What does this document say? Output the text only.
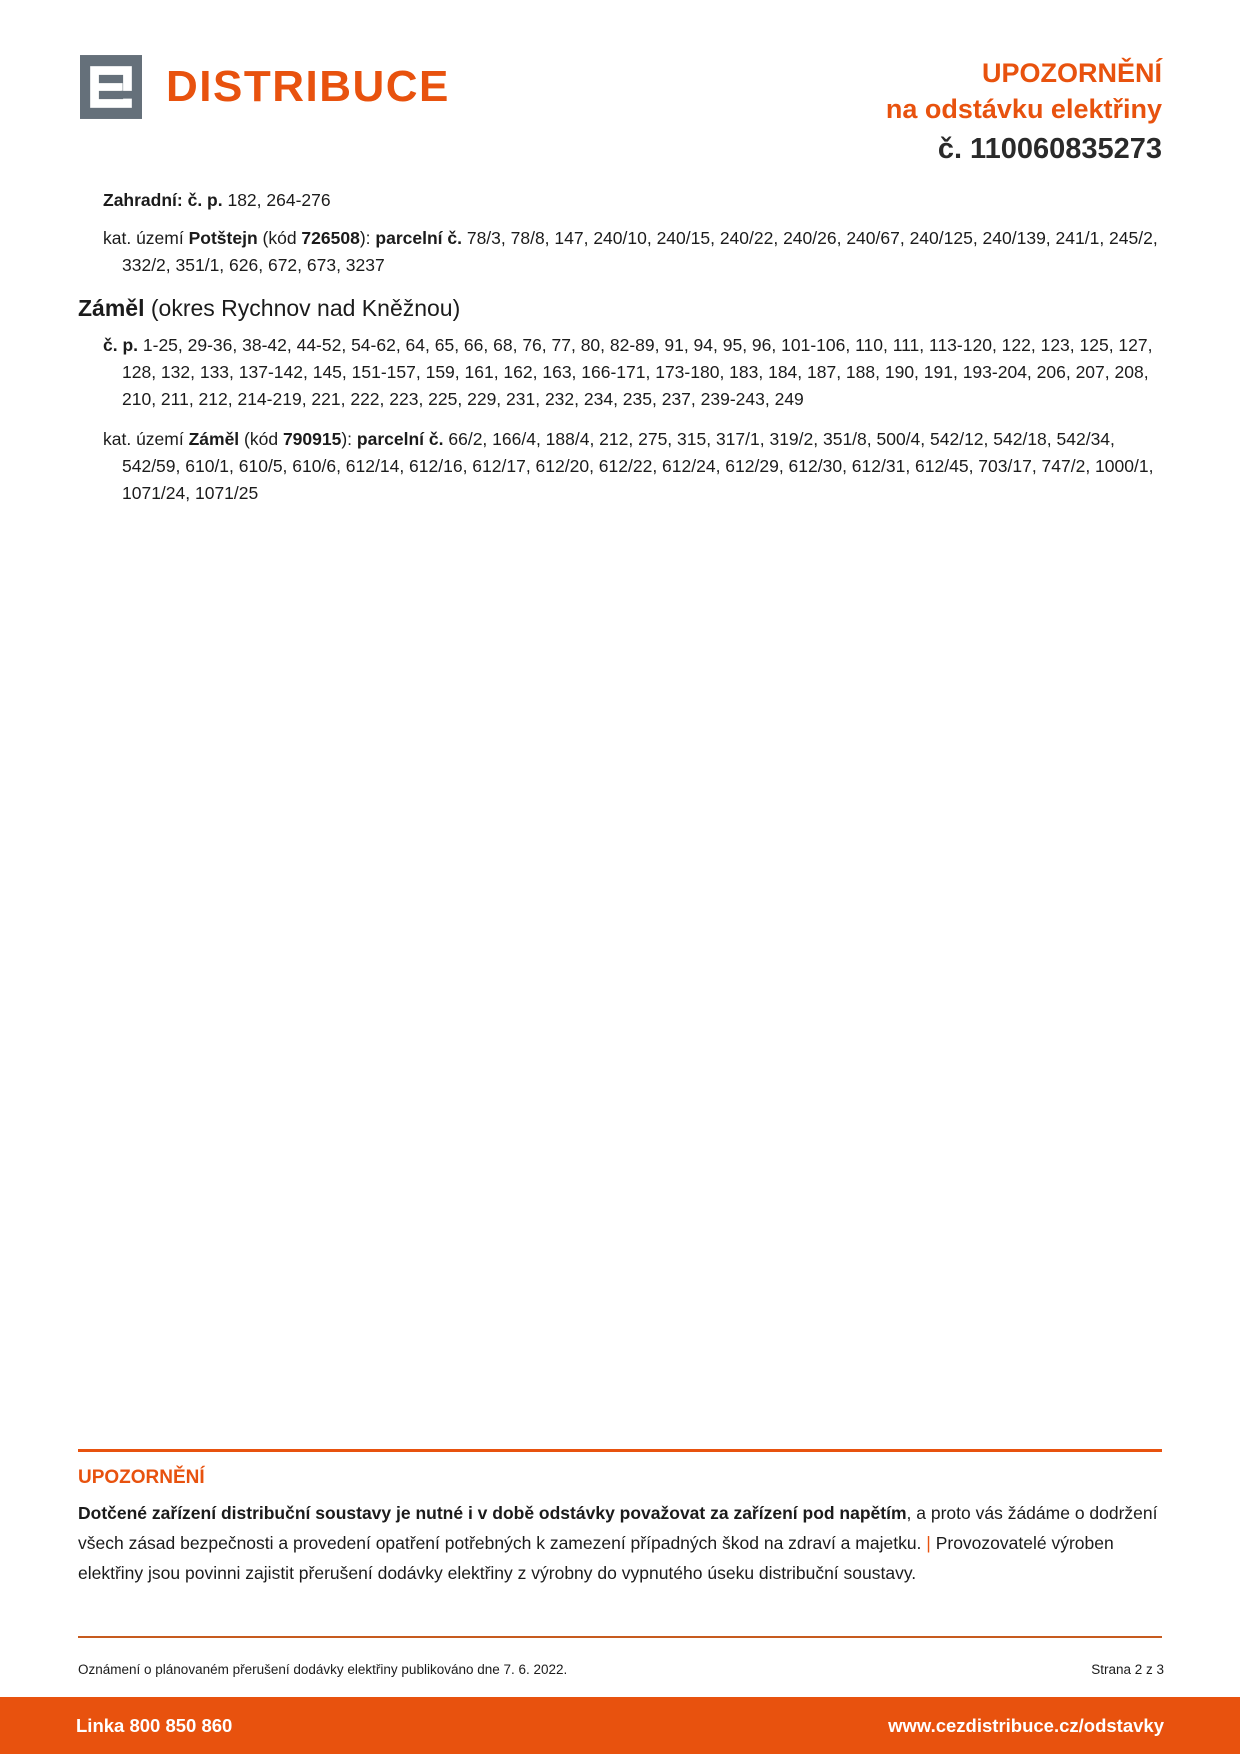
DISTRIBUCE	UPOZORNĚNÍ
na odstávku elektřiny
č. 110060835273

Zahradní: č. p. 182, 264-276

kat. území Potštejn (kód 726508): parcelní č. 78/3, 78/8, 147, 240/10, 240/15, 240/22, 240/26, 240/67, 240/125, 240/139, 241/1, 245/2, 332/2, 351/1, 626, 672, 673, 3237

Záměl (okres Rychnov nad Kněžnou)

č. p. 1-25, 29-36, 38-42, 44-52, 54-62, 64, 65, 66, 68, 76, 77, 80, 82-89, 91, 94, 95, 96, 101-106, 110, 111, 113-120, 122, 123, 125, 127, 128, 132, 133, 137-142, 145, 151-157, 159, 161, 162, 163, 166-171, 173-180, 183, 184, 187, 188, 190, 191, 193-204, 206, 207, 208, 210, 211, 212, 214-219, 221, 222, 223, 225, 229, 231, 232, 234, 235, 237, 239-243, 249

kat. území Záměl (kód 790915): parcelní č. 66/2, 166/4, 188/4, 212, 275, 315, 317/1, 319/2, 351/8, 500/4, 542/12, 542/18, 542/34, 542/59, 610/1, 610/5, 610/6, 612/14, 612/16, 612/17, 612/20, 612/22, 612/24, 612/29, 612/30, 612/31, 612/45, 703/17, 747/2, 1000/1, 1071/24, 1071/25

UPOZORNĚNÍ

Dotčené zařízení distribuční soustavy je nutné i v době odstávky považovat za zařízení pod napětím, a proto vás žádáme o dodržení všech zásad bezpečnosti a provedení opatření potřebných k zamezení případných škod na zdraví a majetku. | Provozovatelé výroben elektřiny jsou povinni zajistit přerušení dodávky elektřiny z výrobny do vypnutého úseku distribuční soustavy.

Oznámení o plánovaném přerušení dodávky elektřiny publikováno dne 7. 6. 2022.	Strana 2 z 3
Linka 800 850 860	www.cezdistribuce.cz/odstavky
